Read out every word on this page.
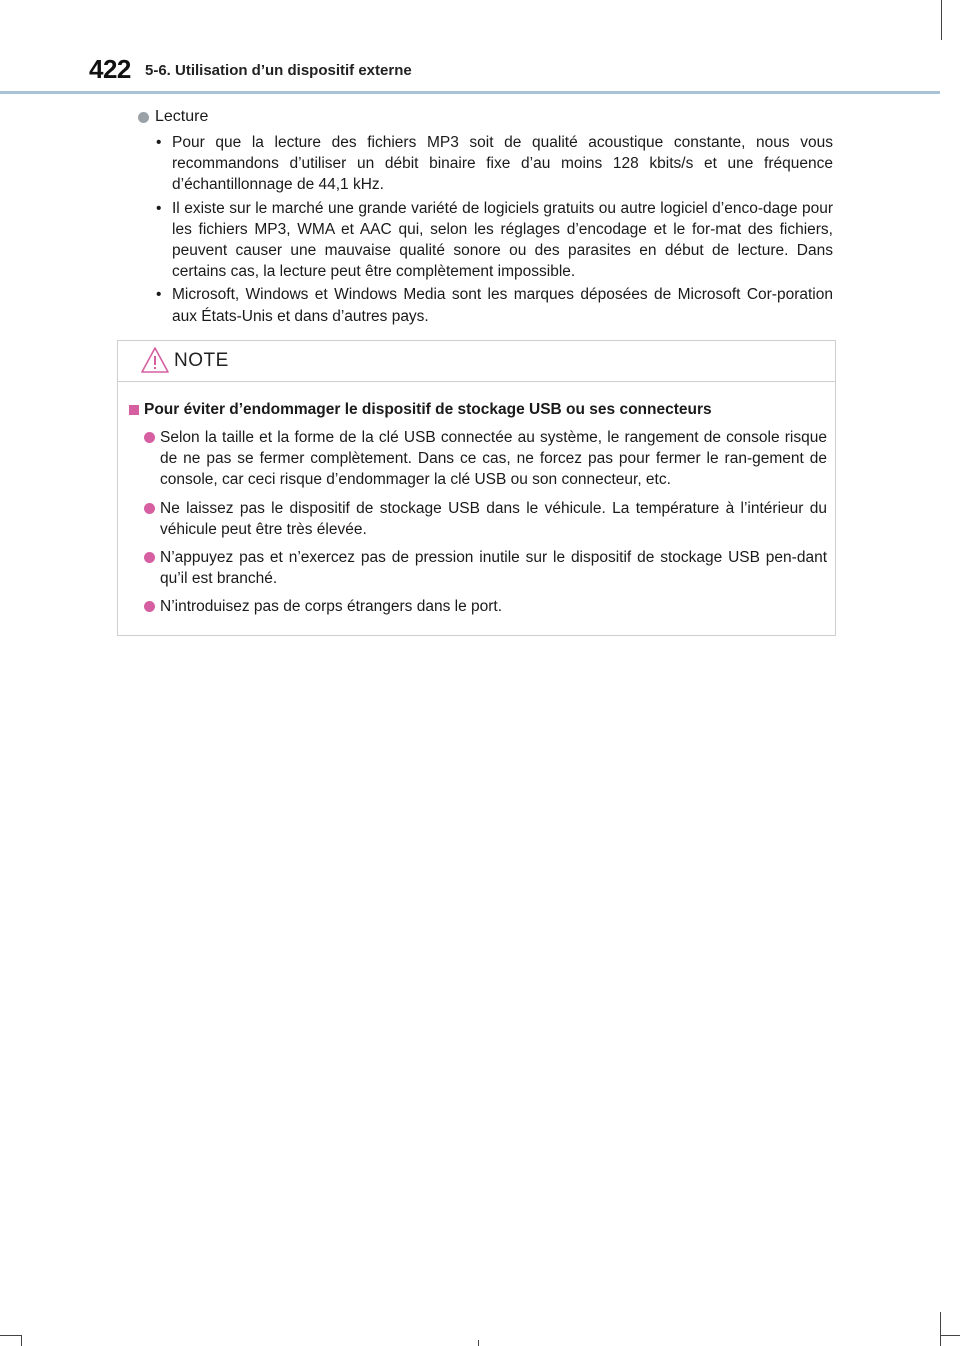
422 5-6. Utilisation d’un dispositif externe
Lecture
• Pour que la lecture des fichiers MP3 soit de qualité acoustique constante, nous vous recommandons d’utiliser un débit binaire fixe d’au moins 128 kbits/s et une fréquence d’échantillonnage de 44,1 kHz.
• Il existe sur le marché une grande variété de logiciels gratuits ou autre logiciel d’enco-dage pour les fichiers MP3, WMA et AAC qui, selon les réglages d’encodage et le for-mat des fichiers, peuvent causer une mauvaise qualité sonore ou des parasites en début de lecture. Dans certains cas, la lecture peut être complètement impossible.
• Microsoft, Windows et Windows Media sont les marques déposées de Microsoft Cor-poration aux États-Unis et dans d’autres pays.
NOTE
Pour éviter d’endommager le dispositif de stockage USB ou ses connecteurs
Selon la taille et la forme de la clé USB connectée au système, le rangement de console risque de ne pas se fermer complètement. Dans ce cas, ne forcez pas pour fermer le ran-gement de console, car ceci risque d’endommager la clé USB ou son connecteur, etc.
Ne laissez pas le dispositif de stockage USB dans le véhicule. La température à l’intérieur du véhicule peut être très élevée.
N’appuyez pas et n’exercez pas de pression inutile sur le dispositif de stockage USB pen-dant qu’il est branché.
N’introduisez pas de corps étrangers dans le port.
